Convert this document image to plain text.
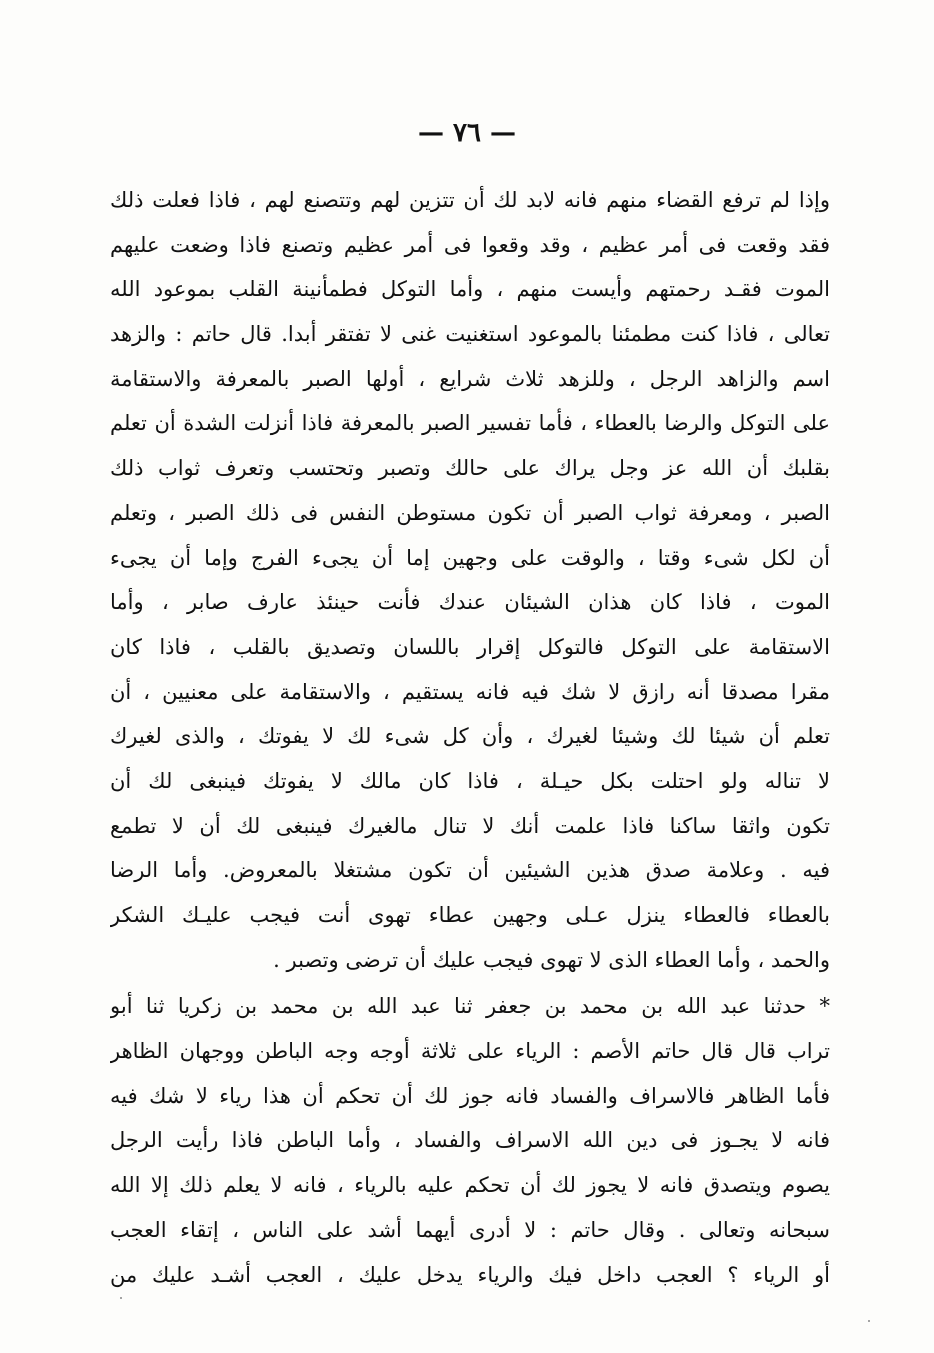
— ٧٦ —
وإذا لم ترفع القضاء منهم فانه لابد لك أن تتزين لهم وتتصنع لهم ، فاذا فعلت ذلك
فقد وقعت فى أمر عظيم ، وقد وقعوا فى أمر عظيم وتصنع فاذا وضعت عليهم
الموت فقـد رحمتهم وأيست منهم ، وأما التوكل فطمأنينة القلب بموعود الله
تعالى ، فاذا كنت مطمئنا بالموعود استغنيت غنى لا تفتقر أبدا. قال حاتم : والزهد
اسم والزاهد الرجل ، وللزهد ثلاث شرايع ، أولها الصبر بالمعرفة والاستقامة
على التوكل والرضا بالعطاء ، فأما تفسير الصبر بالمعرفة فاذا أنزلت الشدة أن تعلم
بقلبك أن الله عز وجل يراك على حالك وتصبر وتحتسب وتعرف ثواب ذلك
الصبر ، ومعرفة ثواب الصبر أن تكون مستوطن النفس فى ذلك الصبر ، وتعلم
أن لكل شىء وقتا ، والوقت على وجهين إما أن يجىء الفرج وإما أن يجىء
الموت ، فاذا كان هذان الشيئان عندك فأنت حينئذ عارف صابر ، وأما
الاستقامة على التوكل فالتوكل إقرار باللسان وتصديق بالقلب ، فاذا كان
مقرا مصدقا أنه رازق لا شك فيه فانه يستقيم ، والاستقامة على معنيين ، أن
تعلم أن شيئا لك وشيئا لغيرك ، وأن كل شىء لك لا يفوتك ، والذى لغيرك
لا تناله ولو احتلت بكل حيـلة ، فاذا كان مالك لا يفوتك فينبغى لك أن
تكون واثقا ساكنا فاذا علمت أنك لا تنال مالغيرك فينبغى لك أن لا تطمع
فيه . وعلامة صدق هذين الشيئين أن تكون مشتغلا بالمعروض. وأما الرضا
بالعطاء فالعطاء ينزل عـلى وجهين عطاء تهوى أنت فيجب عليـك الشكر
والحمد ، وأما العطاء الذى لا تهوى فيجب عليك أن ترضى وتصبر .
* حدثنا عبد الله بن محمد بن جعفر ثنا عبد الله بن محمد بن زكريا ثنا أبو
تراب قال قال حاتم الأصم : الرياء على ثلاثة أوجه وجه الباطن ووجهان الظاهر
فأما الظاهر فالاسراف والفساد فانه جوز لك أن تحكم أن هذا رياء لا شك فيه
فانه لا يجـوز فى دين الله الاسراف والفساد ، وأما الباطن فاذا رأيت الرجل
يصوم ويتصدق فانه لا يجوز لك أن تحكم عليه بالرياء ، فانه لا يعلم ذلك إلا الله
سبحانه وتعالى . وقال حاتم : لا أدرى أيهما أشد على الناس ، إتقاء العجب
أو الرياء ؟ العجب داخل فيك والرياء يدخل عليك ، العجب أشـد عليك من
